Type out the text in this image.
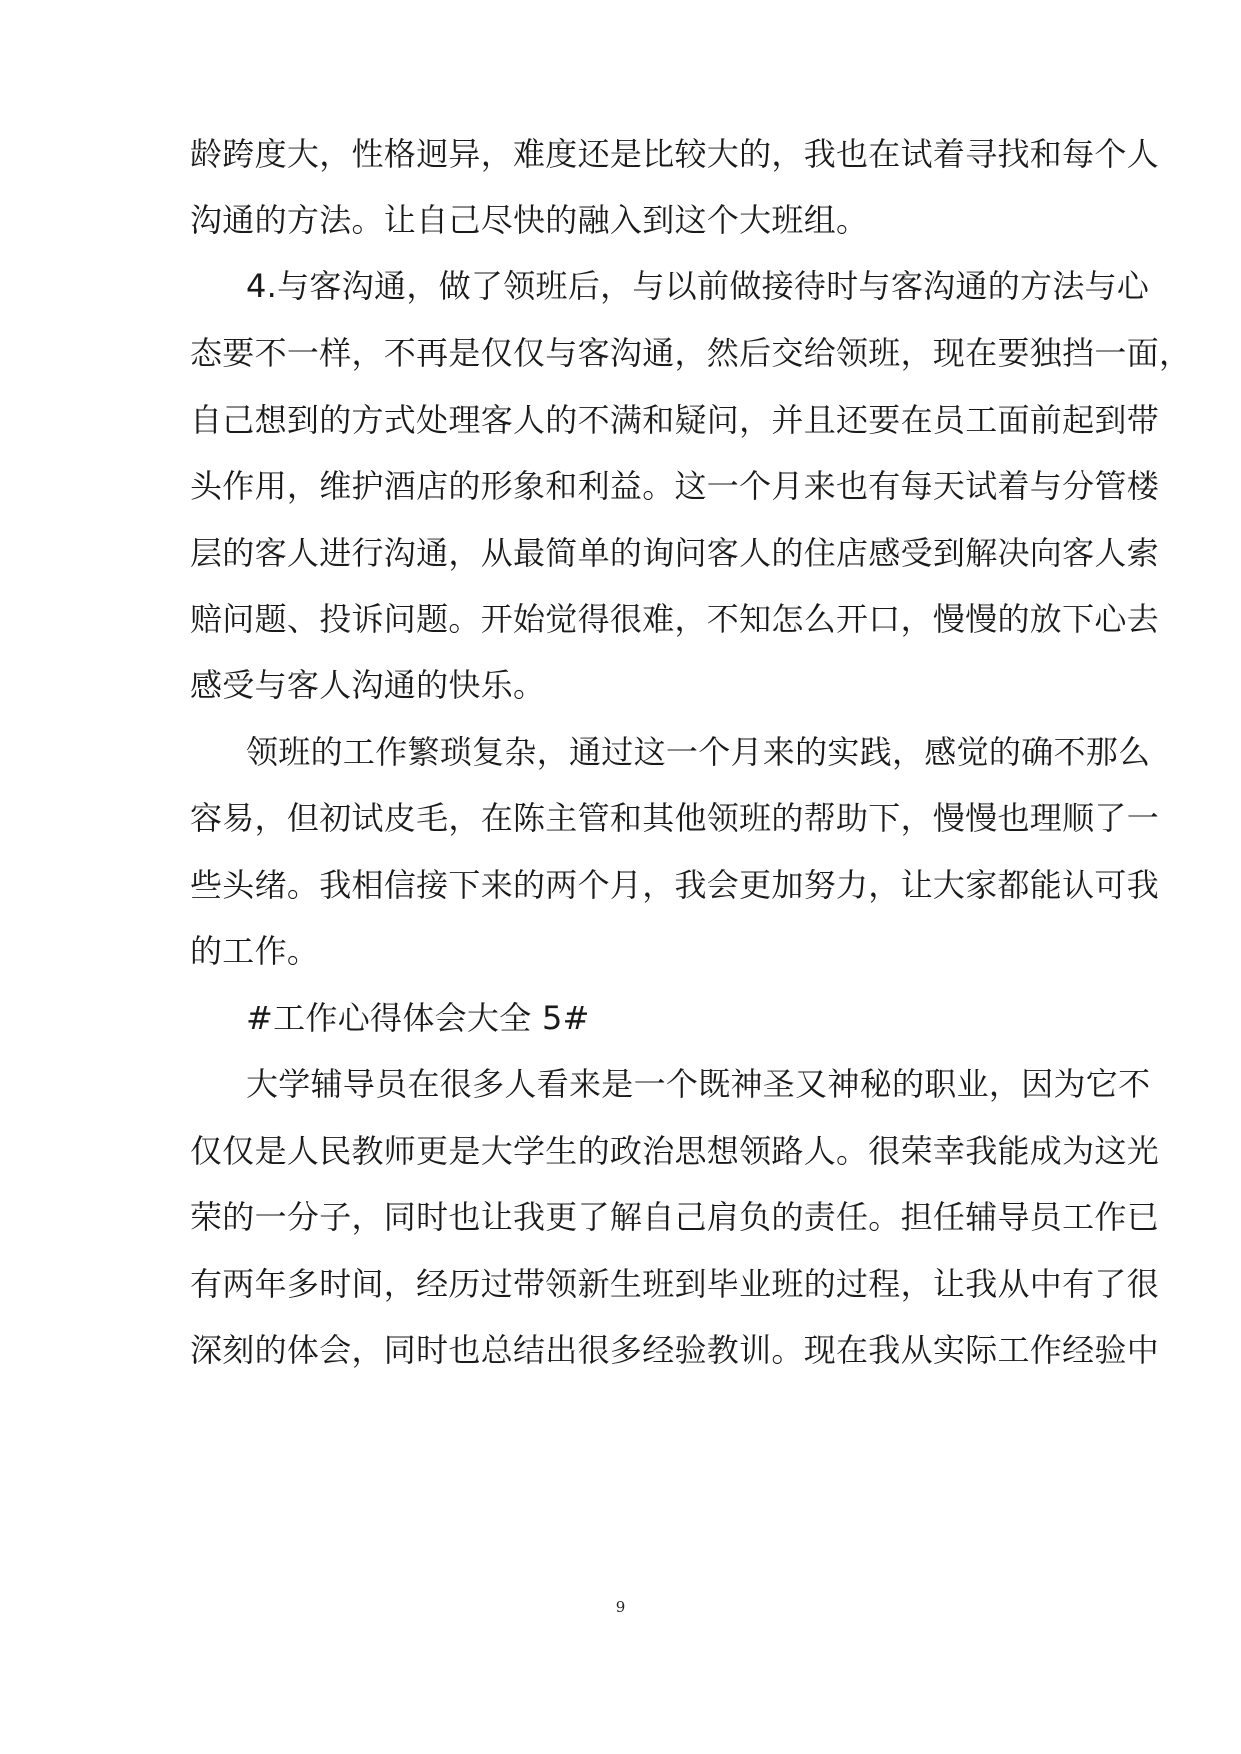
龄跨度大，性格迥异，难度还是比较大的，我也在试着寻找和每个人
沟通的方法。让自己尽快的融入到这个大班组。
4.与客沟通，做了领班后，与以前做接待时与客沟通的方法与心
态要不一样，不再是仅仅与客沟通，然后交给领班，现在要独挡一面，
自己想到的方式处理客人的不满和疑问，并且还要在员工面前起到带
头作用，维护酒店的形象和利益。这一个月来也有每天试着与分管楼
层的客人进行沟通，从最简单的询问客人的住店感受到解决向客人索
赔问题、投诉问题。开始觉得很难，不知怎么开口，慢慢的放下心去
感受与客人沟通的快乐。
领班的工作繁琐复杂，通过这一个月来的实践，感觉的确不那么
容易，但初试皮毛，在陈主管和其他领班的帮助下，慢慢也理顺了一
些头绪。我相信接下来的两个月，我会更加努力，让大家都能认可我
的工作。
#工作心得体会大全 5#
大学辅导员在很多人看来是一个既神圣又神秘的职业，因为它不
仅仅是人民教师更是大学生的政治思想领路人。很荣幸我能成为这光
荣的一分子，同时也让我更了解自己肩负的责任。担任辅导员工作已
有两年多时间，经历过带领新生班到毕业班的过程，让我从中有了很
深刻的体会，同时也总结出很多经验教训。现在我从实际工作经验中
9
